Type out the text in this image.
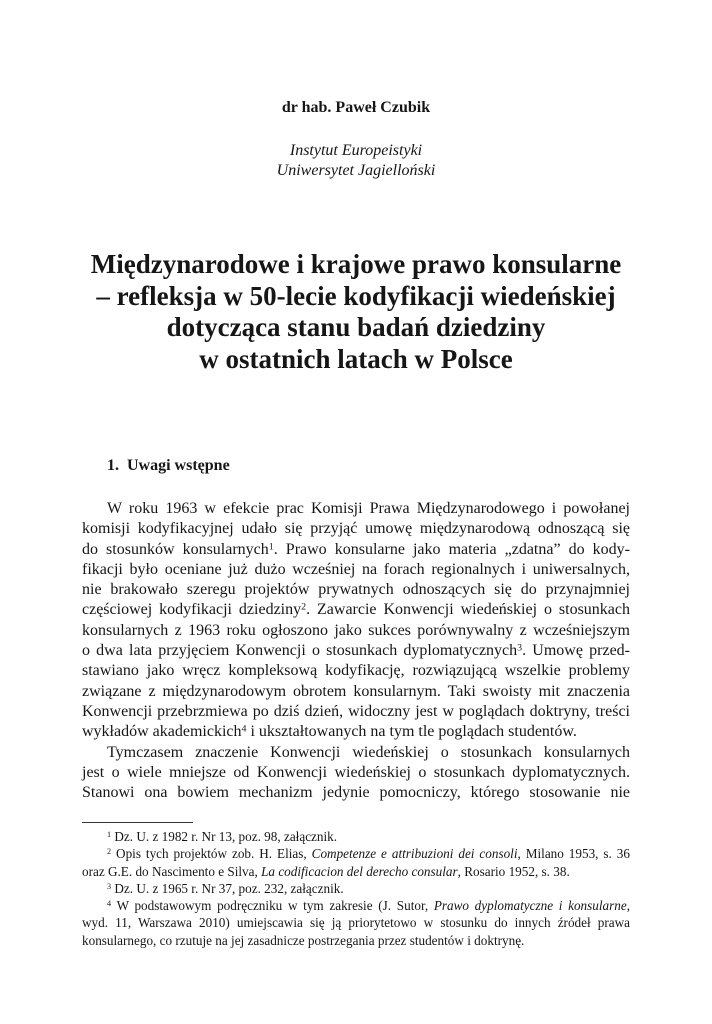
dr hab. Paweł Czubik
Instytut Europeistyki
Uniwersytet Jagielloński
Międzynarodowe i krajowe prawo konsularne
– refleksja w 50-lecie kodyfikacji wiedeńskiej
dotycząca stanu badań dziedziny
w ostatnich latach w Polsce
1. Uwagi wstępne
W roku 1963 w efekcie prac Komisji Prawa Międzynarodowego i powołanej
komisji kodyfikacyjnej udało się przyjąć umowę międzynarodową odnoszącą się
do stosunków konsularnych$^1$. Prawo konsularne jako materia „zdatna” do kody-
fikacji było oceniane już dużo wcześniej na forach regionalnych i uniwersalnych,
nie brakowało szeregu projektów prywatnych odnoszących się do przynajmniej
częściowej kodyfikacji dziedziny$^2$. Zawarcie Konwencji wiedeńskiej o stosunkach
konsularnych z 1963 roku ogłoszono jako sukces porównywalny z wcześniejszym
o dwa lata przyjęciem Konwencji o stosunkach dyplomatycznych$^3$. Umowę przed-
stawiano jako wręcz kompleksową kodyfikację, rozwiązującą wszelkie problemy
związane z międzynarodowym obrotem konsularnym. Taki swoisty mit znaczenia
Konwencji przebrzmiewa po dziś dzień, widoczny jest w poglądach doktryny, treści
wykładów akademickich$^4$ i ukształtowanych na tym tle poglądach studentów.
Tymczasem znaczenie Konwencji wiedeńskiej o stosunkach konsularnych
jest o wiele mniejsze od Konwencji wiedeńskiej o stosunkach dyplomatycznych.
Stanowi ona bowiem mechanizm jedynie pomocniczy, którego stosowanie nie
$^1$ Dz. U. z 1982 r. Nr 13, poz. 98, załącznik.
$^2$ Opis tych projektów zob. H. Elias, Competenze e attribuzioni dei consoli, Milano 1953, s. 36
oraz G.E. do Nascimento e Silva, La codificacion del derecho consular, Rosario 1952, s. 38.
$^3$ Dz. U. z 1965 r. Nr 37, poz. 232, załącznik.
$^4$ W podstawowym podręczniku w tym zakresie (J. Sutor, Prawo dyplomatyczne i konsularne,
wyd. 11, Warszawa 2010) umiejscawia się ją priorytetowo w stosunku do innych źródeł prawa
konsularnego, co rzutuje na jej zasadnicze postrzegania przez studentów i doktrynę.
